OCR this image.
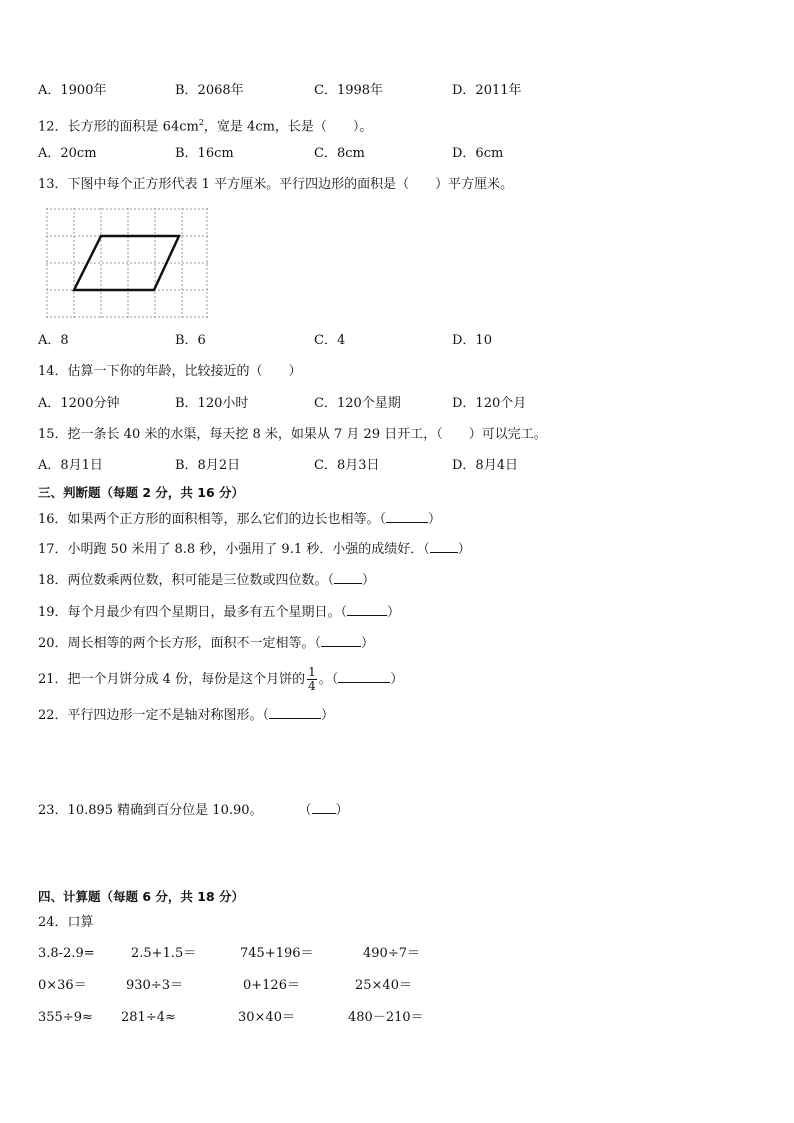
A．1900年	B．2068年	C．1998年	D．2011年
12．长方形的面积是 $64cm^2$，宽是 4cm，长是（　　）。
A．20cm	B．16cm	C．8cm	D．6cm
13．下图中每个正方形代表 1 平方厘米。平行四边形的面积是（　　）平方厘米。
A．8	B．6	C．4	D．10
14．估算一下你的年龄，比较接近的（　　）
A．1200分钟	B．120小时	C．120个星期	D．120个月
15．挖一条长 40 米的水渠，每天挖 8 米，如果从 7 月 29 日开工，（　　）可以完工。
A．8月1日	B．8月2日	C．8月3日	D．8月4日
三、判断题（每题 2 分，共 16 分）
16．如果两个正方形的面积相等，那么它们的边长也相等。（	）
17．小明跑 50 米用了 8.8 秒，小强用了 9.1 秒．小强的成绩好．（ ）
18．两位数乘两位数，积可能是三位数或四位数。（ ）
19．每个月最少有四个星期日，最多有五个星期日。（	）
20．周长相等的两个长方形，面积不一定相等。（	）
21．把一个月饼分成 4 份，每份是这个月饼的 $\frac{1}{4}$ 。（	）
22．平行四边形一定不是轴对称图形。（	）
23．10.895 精确到百分位是 10.90。	（ ）
四、计算题（每题 6 分，共 18 分）
24．口算
3.8-2.9=	2.5+1.5＝	745+196＝	490÷7＝
0×36＝	930÷3＝	0+126＝	25×40＝
355÷9≈ 281÷4≈	30×40＝	480－210＝
